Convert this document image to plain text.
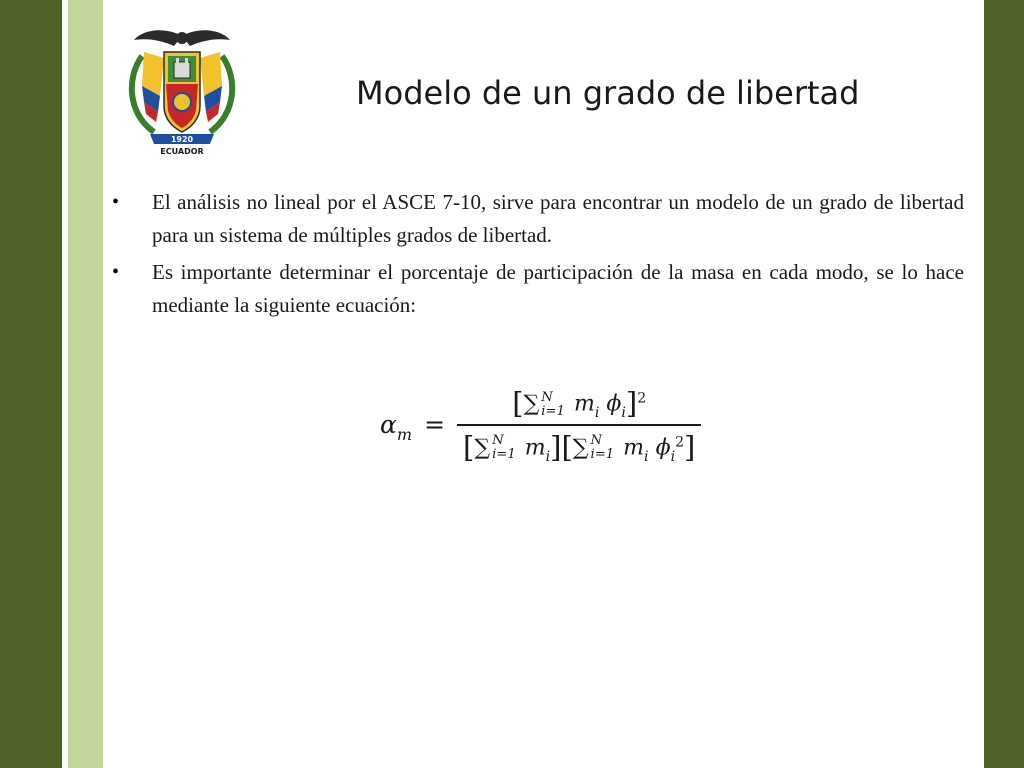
1920
ECUADOR
Modelo de un grado de libertad
• El análisis no lineal por el ASCE 7-10, sirve para encontrar un modelo de un grado de libertad para un sistema de múltiples grados de libertad.
• Es importante determinar el porcentaje de participación de la masa en cada modo, se lo hace mediante la siguiente ecuación:
$\alpha_m$ = [∑ N
i=1 $m_i$ $\phi_i]^2$
[∑ N
i=1 $m_i][\sum$ N
i=1 $m_i$ $\phi_i^2$]
